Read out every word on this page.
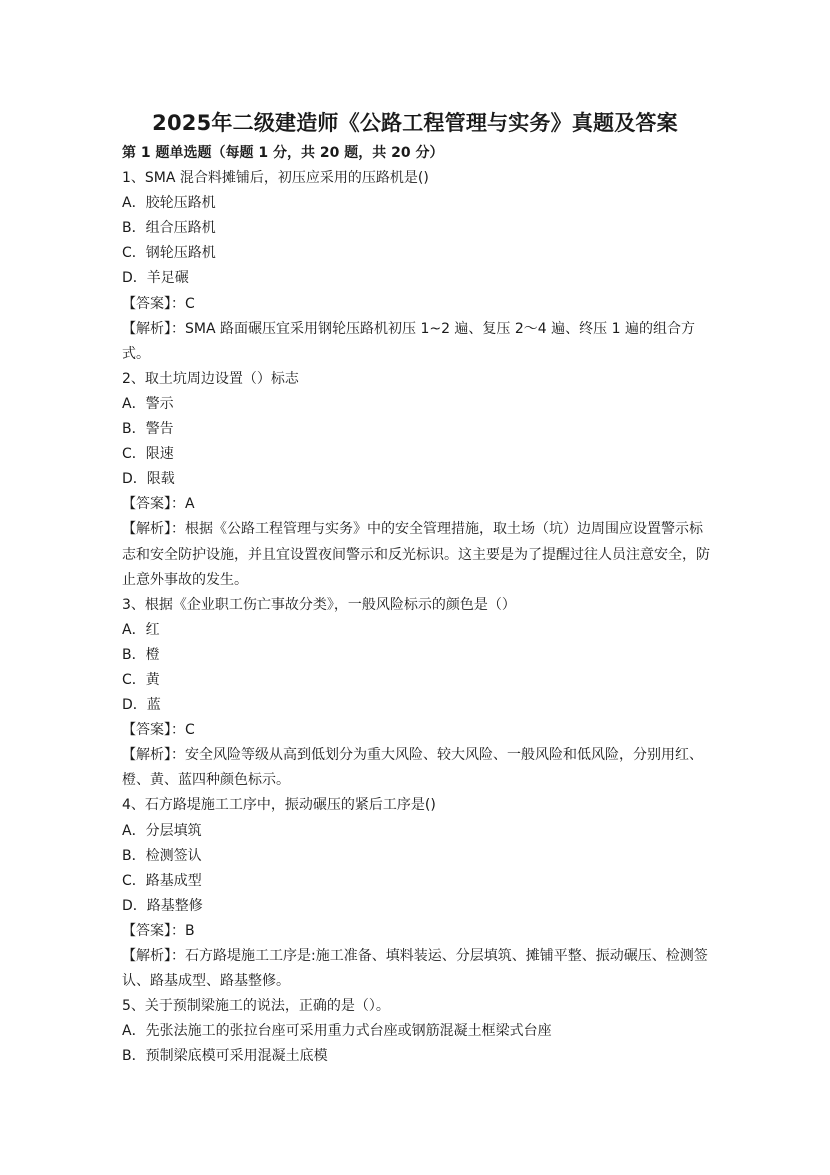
2025年二级建造师《公路工程管理与实务》真题及答案
第 1 题单选题（每题 1 分，共 20 题，共 20 分）
1、SMA 混合料摊铺后，初压应采用的压路机是()
A．胶轮压路机
B．组合压路机
C．钢轮压路机
D．羊足碾
【答案】：C
【解析】：SMA 路面碾压宜采用钢轮压路机初压 1~2 遍、复压 2～4 遍、终压 1 遍的组合方式。
2、取土坑周边设置（）标志
A．警示
B．警告
C．限速
D．限载
【答案】：A
【解析】：根据《公路工程管理与实务》中的安全管理措施，取土场（坑）边周围应设置警示标志和安全防护设施，并且宜设置夜间警示和反光标识。这主要是为了提醒过往人员注意安全，防止意外事故的发生。
3、根据《企业职工伤亡事故分类》，一般风险标示的颜色是（）
A．红
B．橙
C．黄
D．蓝
【答案】：C
【解析】：安全风险等级从高到低划分为重大风险、较大风险、一般风险和低风险，分别用红、橙、黄、蓝四种颜色标示。
4、石方路堤施工工序中，振动碾压的紧后工序是()
A．分层填筑
B．检测签认
C．路基成型
D．路基整修
【答案】：B
【解析】：石方路堤施工工序是:施工准备、填料装运、分层填筑、摊铺平整、振动碾压、检测签认、路基成型、路基整修。
5、关于预制梁施工的说法，正确的是（）。
A．先张法施工的张拉台座可采用重力式台座或钢筋混凝土框梁式台座
B．预制梁底模可采用混凝土底模
